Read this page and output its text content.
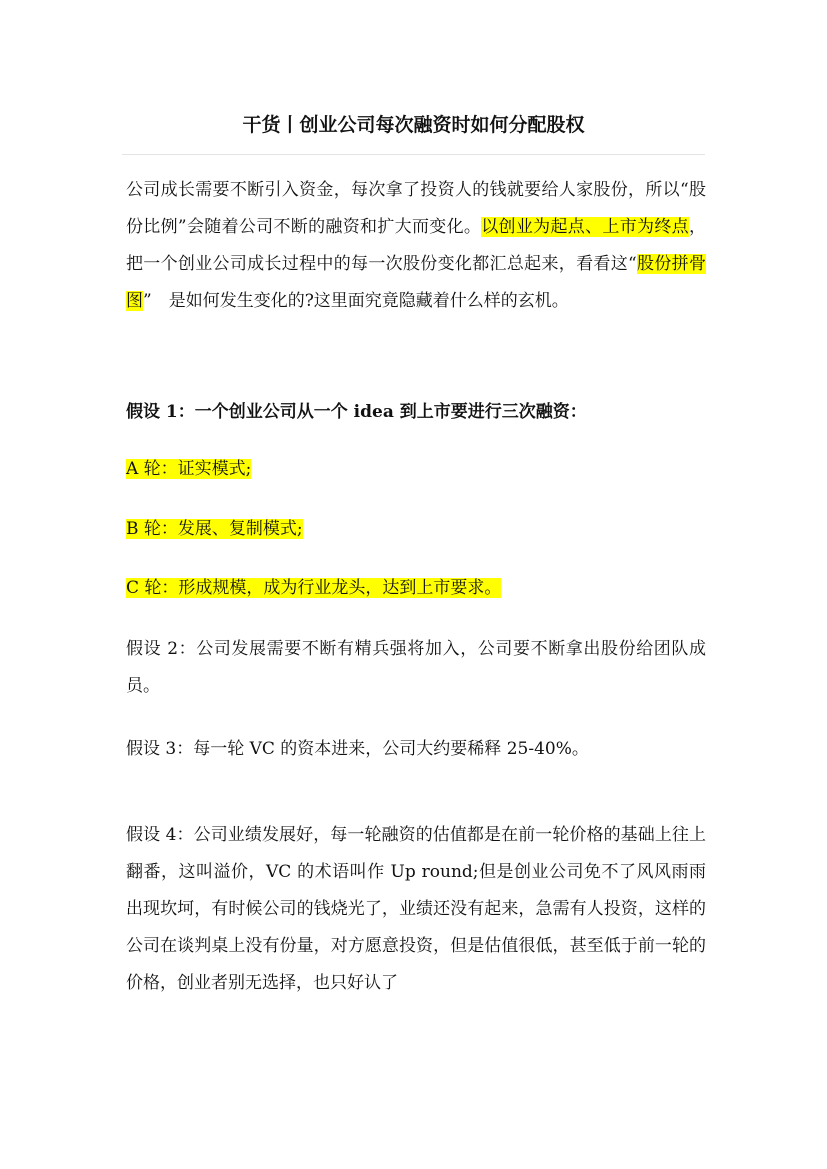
干货丨创业公司每次融资时如何分配股权
公司成长需要不断引入资金，每次拿了投资人的钱就要给人家股份，所以“股份比例”会随着公司不断的融资和扩大而变化。以创业为起点、上市为终点，把一个创业公司成长过程中的每一次股份变化都汇总起来，看看这“股份拼骨图”　是如何发生变化的?这里面究竟隐藏着什么样的玄机。
假设 1：一个创业公司从一个 idea 到上市要进行三次融资：
A 轮：证实模式;
B 轮：发展、复制模式;
C 轮：形成规模，成为行业龙头，达到上市要求。
假设 2：公司发展需要不断有精兵强将加入，公司要不断拿出股份给团队成员。
假设 3：每一轮 VC 的资本进来，公司大约要稀释 25-40%。
假设 4：公司业绩发展好，每一轮融资的估值都是在前一轮价格的基础上往上翻番，这叫溢价，VC 的术语叫作 Up round;但是创业公司免不了风风雨雨出现坎坷，有时候公司的钱烧光了，业绩还没有起来，急需有人投资，这样的公司在谈判桌上没有份量，对方愿意投资，但是估值很低，甚至低于前一轮的价格，创业者别无选择，也只好认了
